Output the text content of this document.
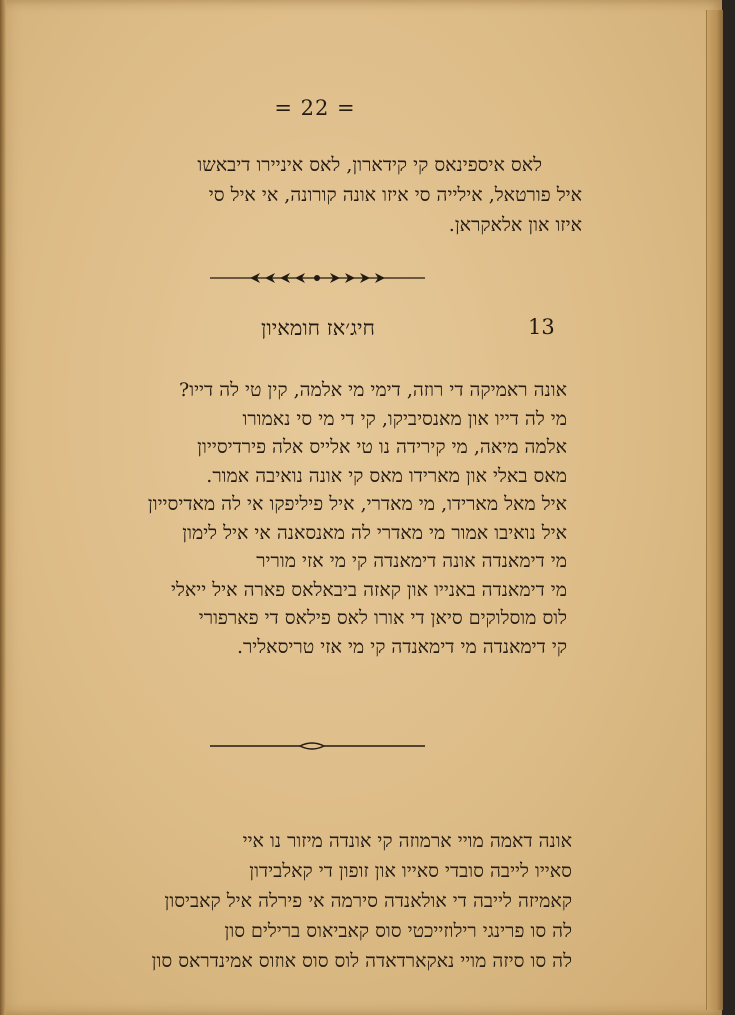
= 22 =
לאס איספינאס קי קידארון, לאס איניירו דיבאשו
איל פורטאל, אילייה סי איזו אונה קורונה, אי איל סי
איזו און אלאקראן.
13
חיג׳אז חומאיון
אונה ראמיקה די רוזה, דימי מי אלמה, קין טי לה דייו?
מי לה דייו און מאנסיביקו, קי די מי סי נאמורו
אלמה מיאה, מי קירידה נו טי אלייס אלה פירדיסייון
מאס באלי און מארידו מאס קי אונה נואיבה אמור.
איל מאל מארידו, מי מאדרי, איל פיליפקו אי לה מאדיסייון
איל נואיבו אמור מי מאדרי לה מאנסאנה אי איל לימון
מי דימאנדה אונה דימאנדה קי מי אזי מוריר
מי דימאנדה באנייו און קאזה ביבאלאס פארה איל ייאלי
לוס מוסלוקים סיאן די אורו לאס פילאס די פארפורי
קי דימאנדה מי דימאנדה קי מי אזי טריסאליר.
אונה דאמה מויי ארמוזה קי אונדה מיזור נו איי
סאייו לייבה סובדי סאייו און זופון די קאלבידון
קאמיזה לייבה די אולאנדה סירמה אי פירלה איל קאביסון
לה סו פרינגי רילוזייכטי סוס קאביאוס ברילים סון
לה סו סיזה מויי נאקארדאדה לוס סוס אוזוס אמינדראס סון
